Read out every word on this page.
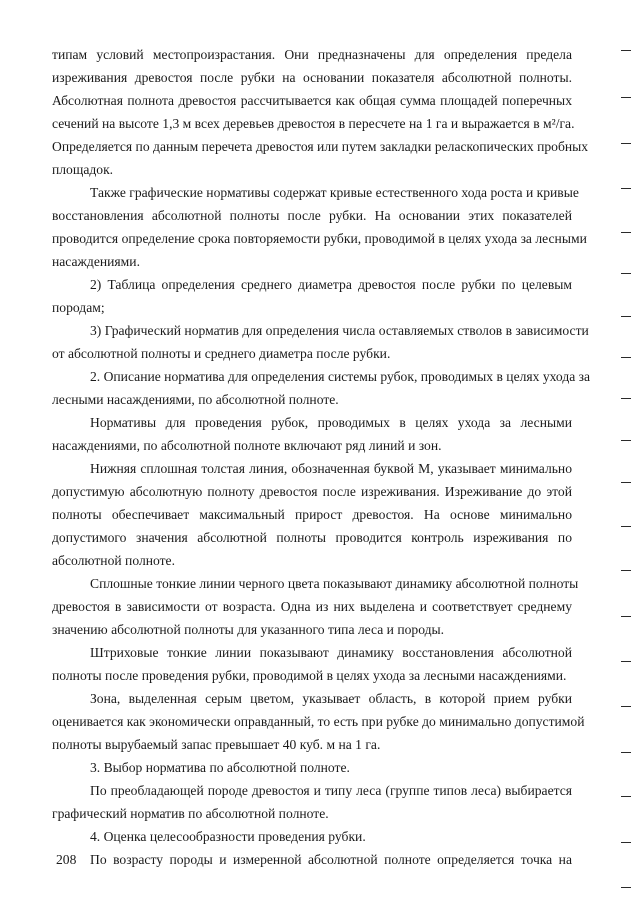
типам условий местопроизрастания. Они предназначены для определения предела
изреживания древостоя после рубки на основании показателя абсолютной полноты.
Абсолютная полнота древостоя рассчитывается как общая сумма площадей поперечных
сечений на высоте 1,3 м всех деревьев древостоя в пересчете на 1 га и выражается в м²/га.
Определяется по данным перечета древостоя или путем закладки реласкопических пробных
площадок.
Также графические нормативы содержат кривые естественного хода роста и кривые
восстановления абсолютной полноты после рубки. На основании этих показателей
проводится определение срока повторяемости рубки, проводимой в целях ухода за лесными
насаждениями.
2) Таблица определения среднего диаметра древостоя после рубки по целевым
породам;
3) Графический норматив для определения числа оставляемых стволов в зависимости
от абсолютной полноты и среднего диаметра после рубки.
2. Описание норматива для определения системы рубок, проводимых в целях ухода за
лесными насаждениями, по абсолютной полноте.
Нормативы для проведения рубок, проводимых в целях ухода за лесными
насаждениями, по абсолютной полноте включают ряд линий и зон.
Нижняя сплошная толстая линия, обозначенная буквой М, указывает минимально
допустимую абсолютную полноту древостоя после изреживания. Изреживание до этой
полноты обеспечивает максимальный прирост древостоя. На основе минимально
допустимого значения абсолютной полноты проводится контроль изреживания по
абсолютной полноте.
Сплошные тонкие линии черного цвета показывают динамику абсолютной полноты
древостоя в зависимости от возраста. Одна из них выделена и соответствует среднему
значению абсолютной полноты для указанного типа леса и породы.
Штриховые тонкие линии показывают динамику восстановления абсолютной
полноты после проведения рубки, проводимой в целях ухода за лесными насаждениями.
Зона, выделенная серым цветом, указывает область, в которой прием рубки
оценивается как экономически оправданный, то есть при рубке до минимально допустимой
полноты вырубаемый запас превышает 40 куб. м на 1 га.
3. Выбор норматива по абсолютной полноте.
По преобладающей породе древостоя и типу леса (группе типов леса) выбирается
графический норматив по абсолютной полноте.
4. Оценка целесообразности проведения рубки.
По возрасту породы и измеренной абсолютной полноте определяется точка на
208
